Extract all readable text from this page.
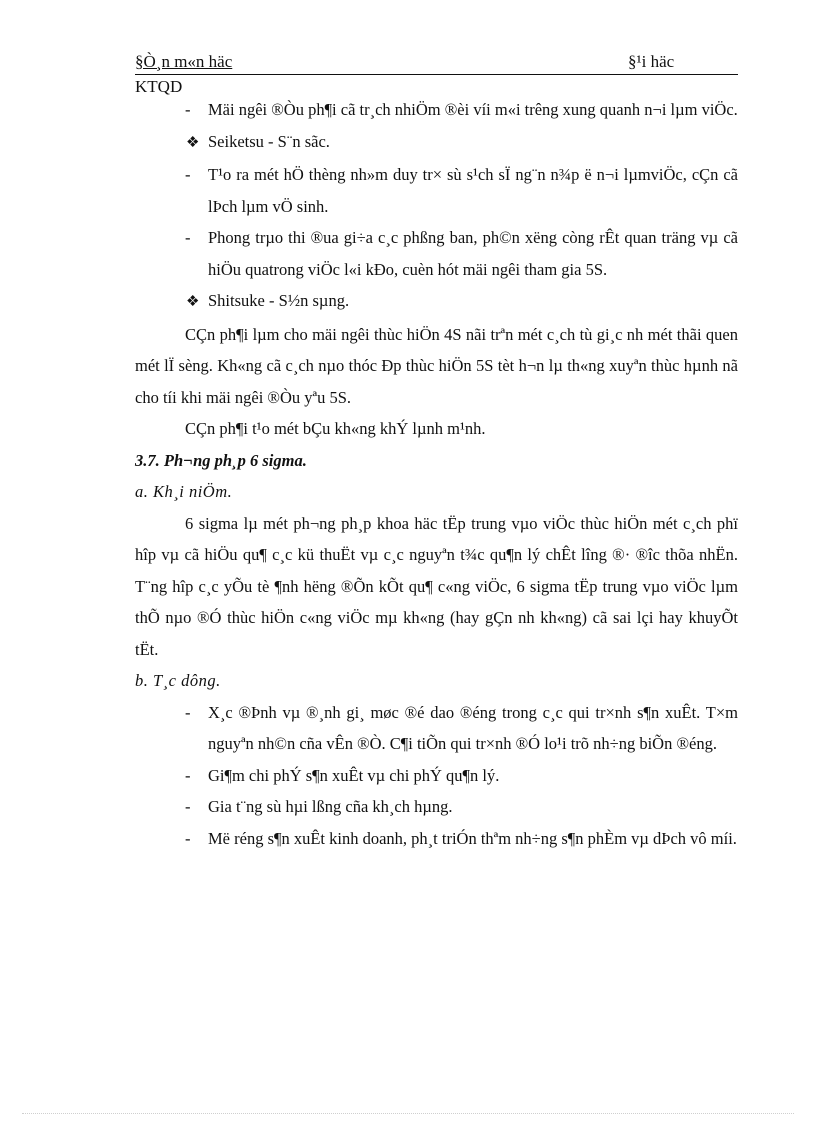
§Ò¸n m«n häc	§¹i häc
KTQD
- Mäi ngêi ®Òu ph¶i cã tr¸ch nhiÖm ®èi víi m«i trêng xung quanh n¬i lµm viÖc.
❖ Seiketsu - S¨n sãc.
- T¹o ra mét hÖ thèng nh»m duy tr× sù s¹ch sÏ ng¨n n¾p ë n¬i lµmviÖc, cÇn cã lÞch lµm vÖ sinh.
- Phong trµo thi ®ua gi÷a c¸c phßng ban, ph©n xëng còng rÊt quan träng vµ cã hiÖu quatrong viÖc l«i kÐo, cuèn hót mäi ngêi tham gia 5S.
❖ Shitsuke - S½n sµng.
CÇn ph¶i lµm cho mäi ngêi thùc hiÖn 4S nãi trªn mét c¸ch tù gi¸c nh mét thãi quen mét lÏ sèng. Kh«ng cã c¸ch nµo thóc Ðp thùc hiÖn 5S tèt h¬n lµ th«ng xuyªn thùc hµnh nã cho tíi khi mäi ngêi ®Òu yªu 5S.
CÇn ph¶i t¹o mét bÇu kh«ng khÝ lµnh m¹nh.
3.7. Ph¬ng ph¸p 6 sigma.
a. Kh¸i niÖm.
6 sigma lµ mét ph¬ng ph¸p khoa häc tËp trung vµo viÖc thùc hiÖn mét c¸ch phï hîp vµ cã hiÖu qu¶ c¸c kü thuËt vµ c¸c nguyªn t¾c qu¶n lý chÊt lîng ®· ®îc thõa nhËn. T¨ng hîp c¸c yÕu tè ¶nh hëng ®Õn kÕt qu¶ c«ng viÖc, 6 sigma tËp trung vµo viÖc lµm thÕ nµo ®Ó thùc hiÖn c«ng viÖc mµ kh«ng (hay gÇn nh kh«ng) cã sai lçi hay khuyÕt tËt.
b. T¸c dông.
- X¸c ®Þnh vµ ®¸nh gi¸ møc ®é dao ®éng trong c¸c qui tr×nh s¶n xuÊt. T×m nguyªn nh©n cña vÊn ®Ò. C¶i tiÕn qui tr×nh ®Ó lo¹i trõ nh÷ng biÕn ®éng.
- Gi¶m chi phÝ s¶n xuÊt vµ chi phÝ qu¶n lý.
- Gia t¨ng sù hµi lßng cña kh¸ch hµng.
- Më réng s¶n xuÊt kinh doanh, ph¸t triÓn thªm nh÷ng s¶n phÈm vµ dÞch vô míi.
